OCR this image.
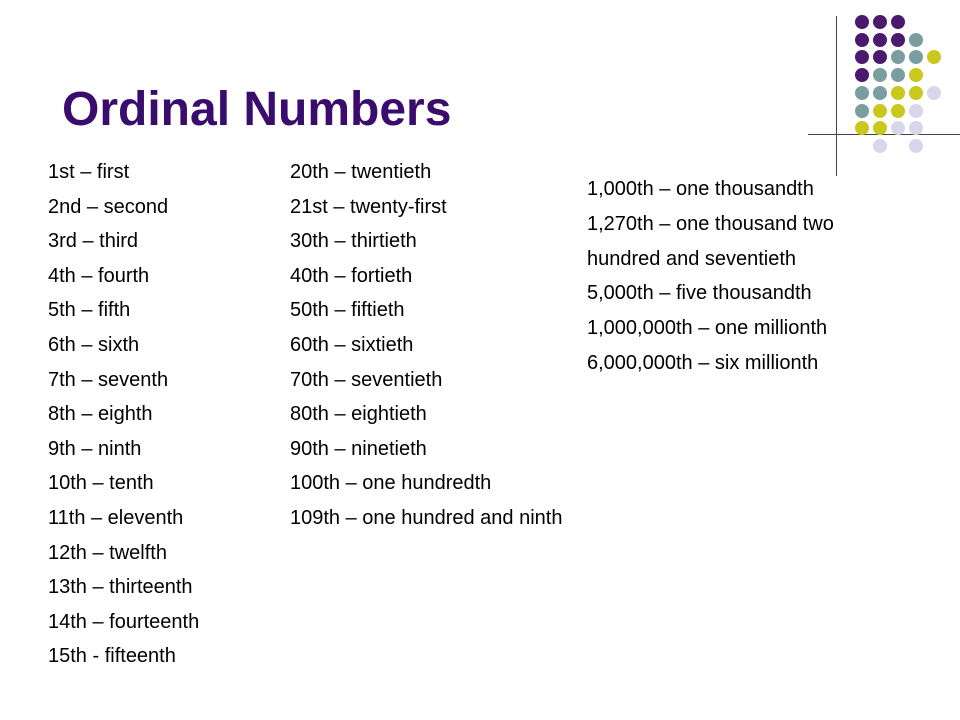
Ordinal Numbers
1st – first
2nd – second
3rd – third
4th – fourth
5th – fifth
6th – sixth
7th – seventh
8th – eighth
9th – ninth
10th – tenth
11th – eleventh
12th – twelfth
13th – thirteenth
14th – fourteenth
15th - fifteenth
20th – twentieth
21st – twenty-first
30th – thirtieth
40th – fortieth
50th – fiftieth
60th – sixtieth
70th – seventieth
80th – eightieth
90th – ninetieth
100th – one hundredth
109th – one hundred and ninth
1,000th – one thousandth
1,270th – one thousand two
hundred and seventieth
5,000th – five thousandth
1,000,000th – one millionth
6,000,000th – six millionth
